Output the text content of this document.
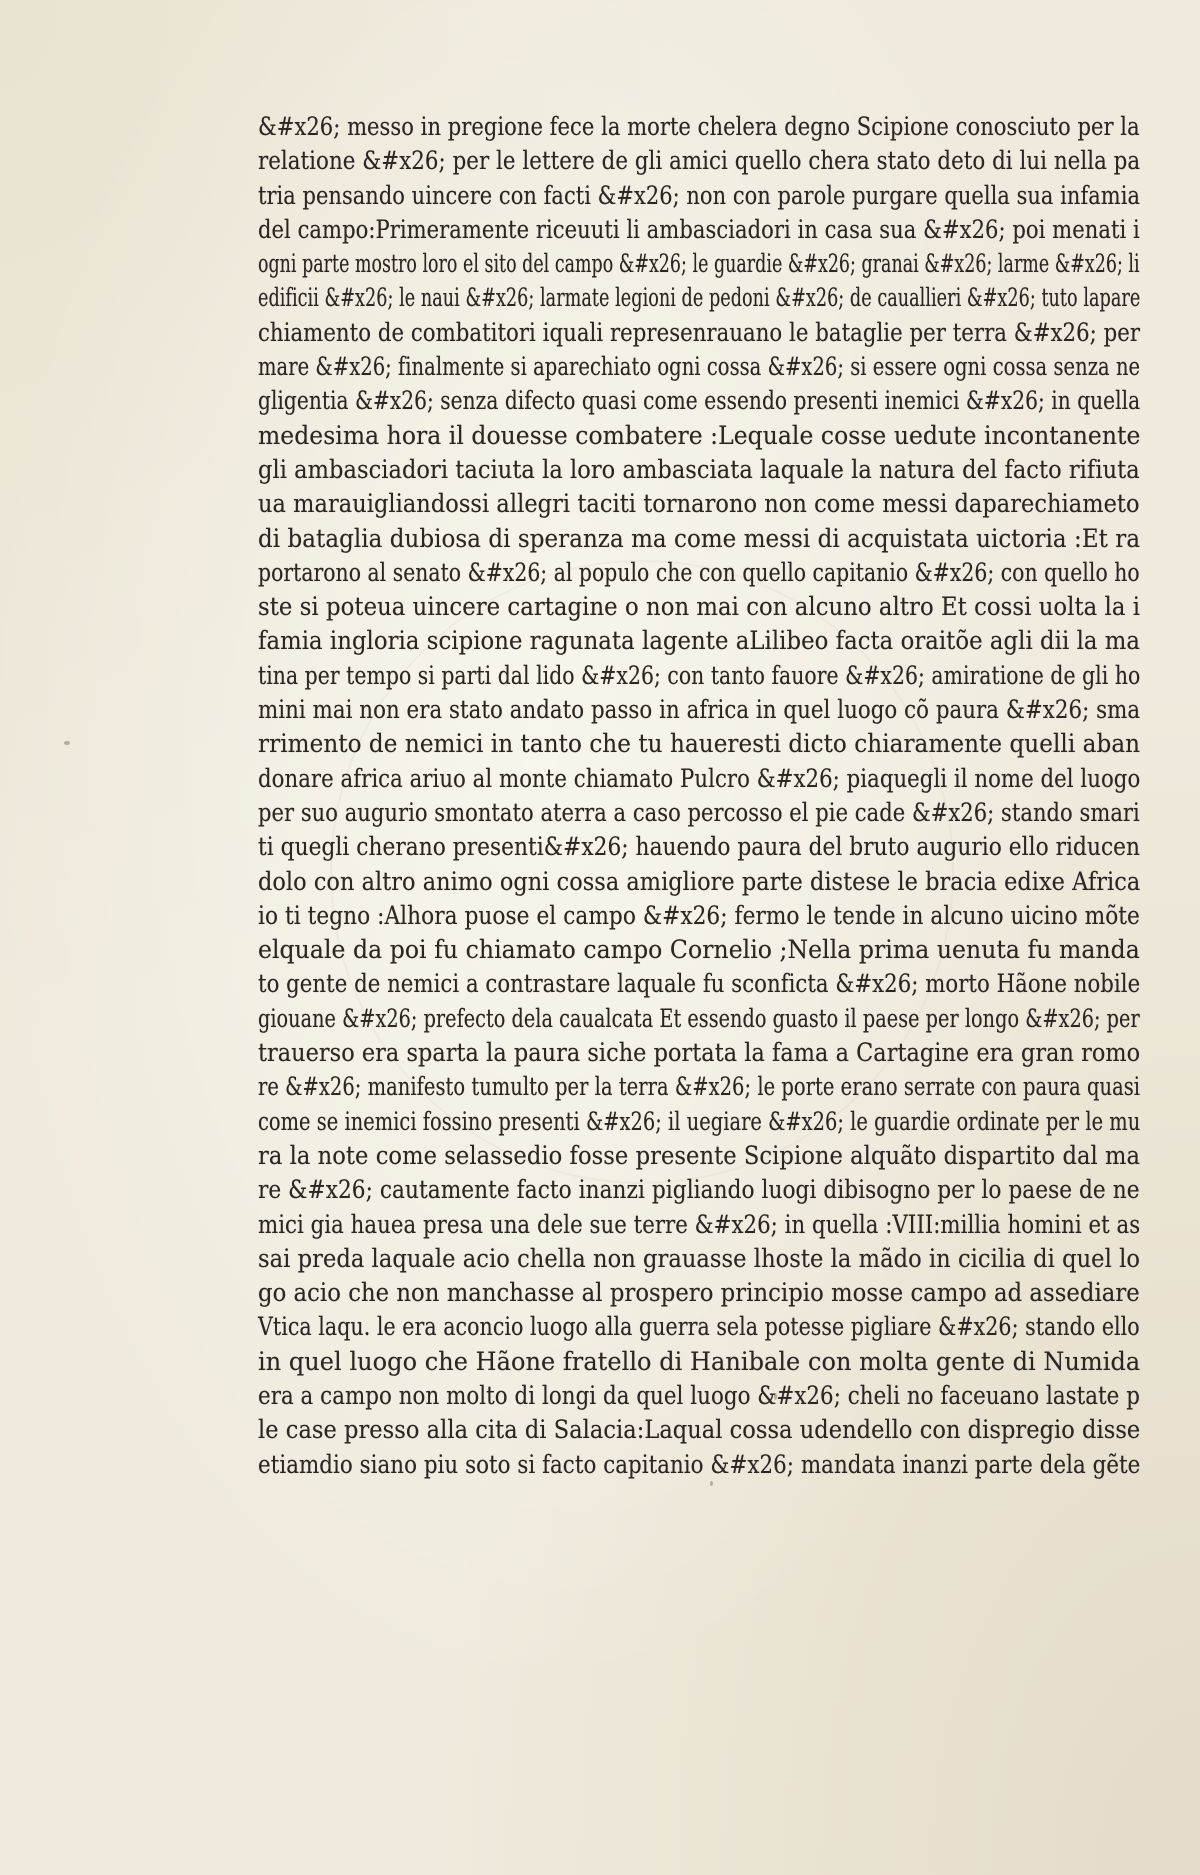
&#x26; messo in pregione fece la morte chelera degno Scipione conosciuto per la
relatione &#x26; per le lettere de gli amici quello chera stato deto di lui nella pa
tria pensando uincere con facti &#x26; non con parole purgare quella sua infamia
del campo:Primeramente riceuuti li ambasciadori in casa sua &#x26; poi menati i
ogni parte mostro loro el sito del campo &#x26; le guardie &#x26; granai &#x26; larme &#x26; li
edificii &#x26; le naui &#x26; larmate legioni de pedoni &#x26; de cauallieri &#x26; tuto lapare
chiamento de combatitori iquali represenrauano le bataglie per terra &#x26; per
mare &#x26; finalmente si aparechiato ogni cossa &#x26; si essere ogni cossa senza ne
gligentia &#x26; senza difecto quasi come essendo presenti inemici &#x26; in quella
medesima hora il douesse combatere :Lequale cosse uedute incontanente
gli ambasciadori taciuta la loro ambasciata laquale la natura del facto rifiuta
ua marauigliandossi allegri taciti tornarono non come messi daparechiameto
di bataglia dubiosa di speranza ma come messi di acquistata uictoria :Et ra
portarono al senato &#x26; al populo che con quello capitanio &#x26; con quello ho
ste si poteua uincere cartagine o non mai con alcuno altro Et cossi uolta la i
famia ingloria scipione ragunata lagente aLilibeo facta oraitõe agli dii la ma
tina per tempo si parti dal lido &#x26; con tanto fauore &#x26; amiratione de gli ho
mini mai non era stato andato passo in africa in quel luogo cõ paura &#x26; sma
rrimento de nemici in tanto che tu haueresti dicto chiaramente quelli aban
donare africa ariuo al monte chiamato Pulcro &#x26; piaquegli il nome del luogo
per suo augurio smontato aterra a caso percosso el pie cade &#x26; stando smari
ti quegli cherano presenti&#x26; hauendo paura del bruto augurio ello riducen
dolo con altro animo ogni cossa amigliore parte distese le bracia edixe Africa
io ti tegno :Alhora puose el campo &#x26; fermo le tende in alcuno uicino mõte
elquale da poi fu chiamato campo Cornelio ;Nella prima uenuta fu manda
to gente de nemici a contrastare laquale fu sconficta &#x26; morto Hãone nobile
giouane &#x26; prefecto dela caualcata Et essendo guasto il paese per longo &#x26; per
trauerso era sparta la paura siche portata la fama a Cartagine era gran romo
re &#x26; manifesto tumulto per la terra &#x26; le porte erano serrate con paura quasi
come se inemici fossino presenti &#x26; il uegiare &#x26; le guardie ordinate per le mu
ra la note come selassedio fosse presente Scipione alquãto dispartito dal ma
re &#x26; cautamente facto inanzi pigliando luogi dibisogno per lo paese de ne
mici gia hauea presa una dele sue terre &#x26; in quella :VIII:millia homini et as
sai preda laquale acio chella non grauasse lhoste la mãdo in cicilia di quel lo
go acio che non manchasse al prospero principio mosse campo ad assediare
Vtica laqu. le era aconcio luogo alla guerra sela potesse pigliare &#x26; stando ello
in quel luogo che Hãone fratello di Hanibale con molta gente di Numida
era a campo non molto di longi da quel luogo &#x26; cheli no faceuano lastate p
le case presso alla cita di Salacia:Laqual cossa udendello con dispregio disse
etiamdio siano piu soto si facto capitanio &#x26; mandata inanzi parte dela gẽte
